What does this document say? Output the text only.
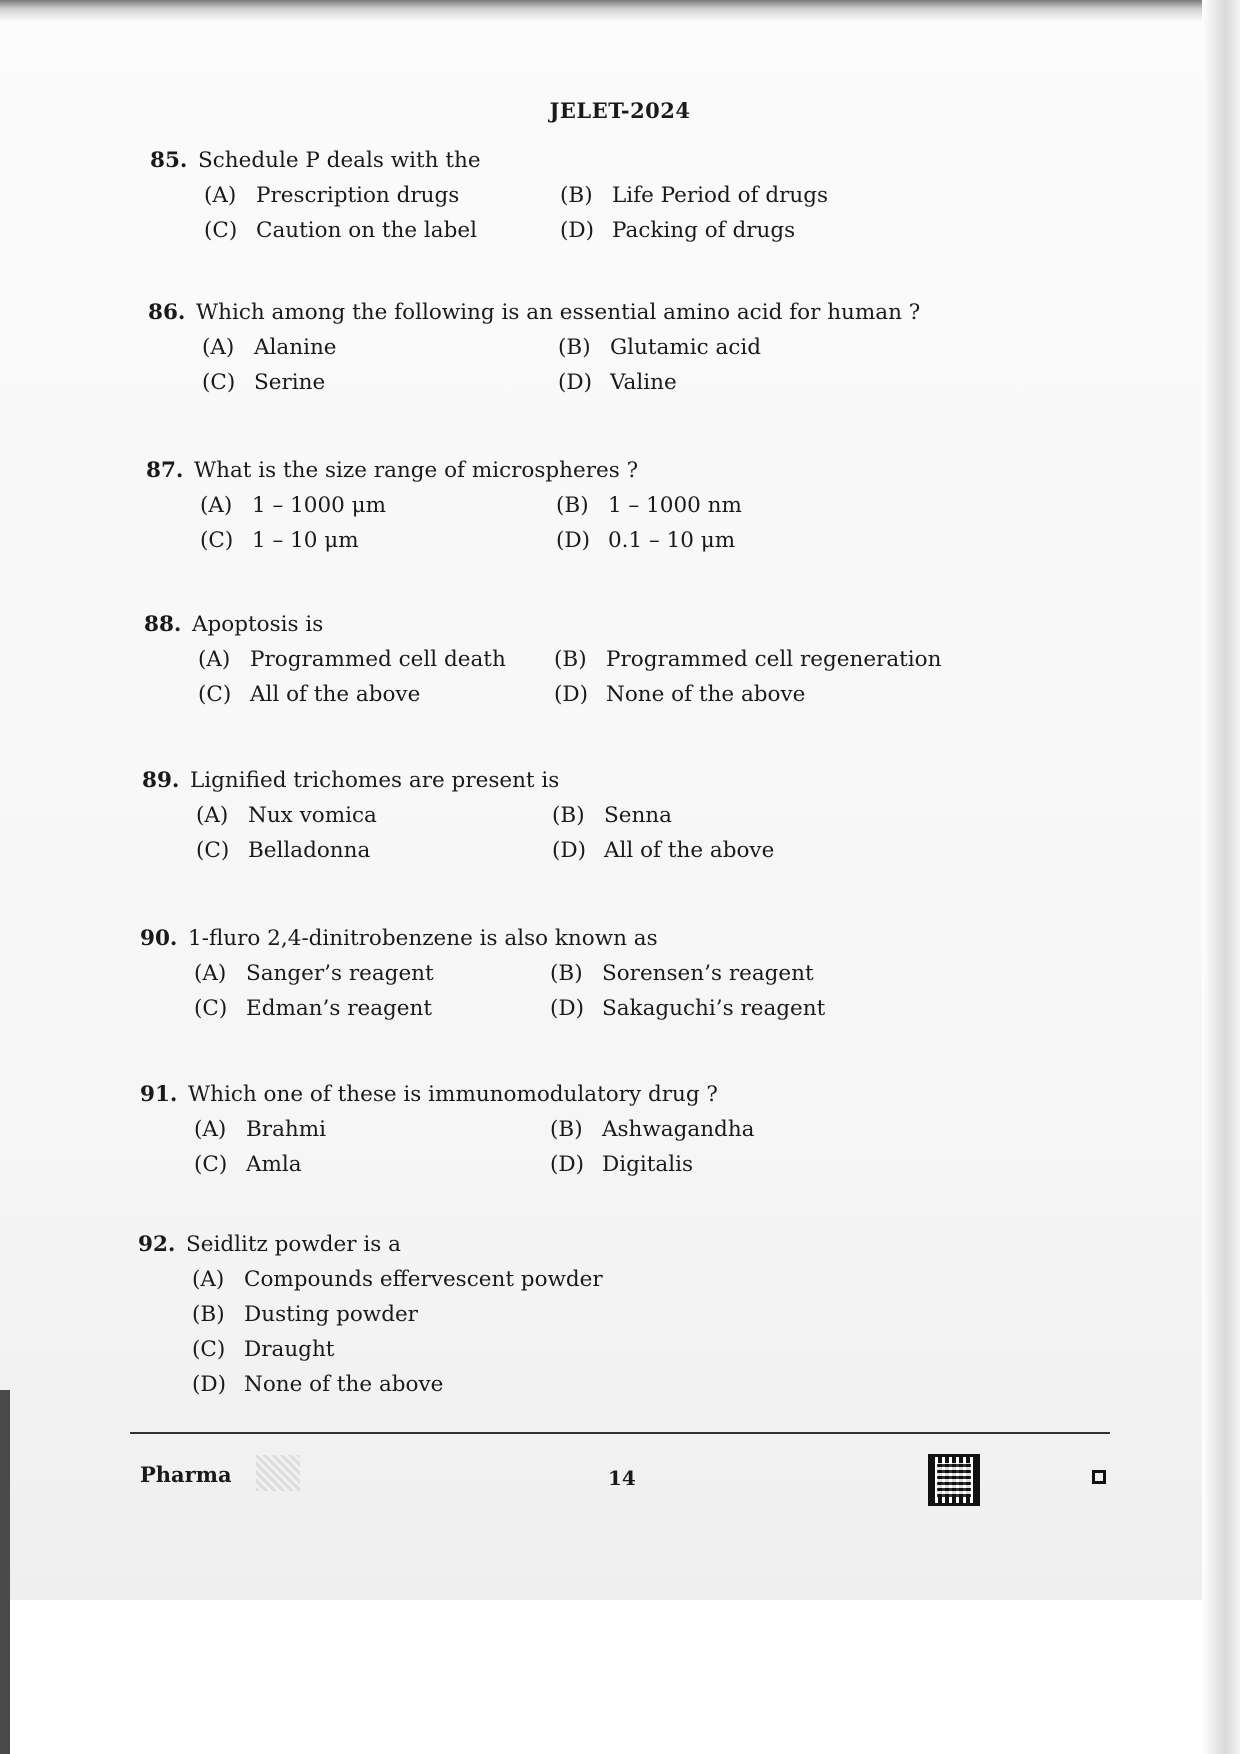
JELET-2024
85. Schedule P deals with the
(A) Prescription drugs	(B) Life Period of drugs
(C) Caution on the label	(D) Packing of drugs
86. Which among the following is an essential amino acid for human ?
(A) Alanine	(B) Glutamic acid
(C) Serine	(D) Valine
87. What is the size range of microspheres ?
(A) 1 – 1000 μm	(B) 1 – 1000 nm
(C) 1 – 10 μm	(D) 0.1 – 10 μm
88. Apoptosis is
(A) Programmed cell death (B) Programmed cell regeneration
(C) All of the above	(D) None of the above
89. Lignified trichomes are present is
(A) Nux vomica	(B) Senna
(C) Belladonna	(D) All of the above
90. 1-fluro 2,4-dinitrobenzene is also known as
(A) Sanger’s reagent	(B) Sorensen’s reagent
(C) Edman’s reagent	(D) Sakaguchi’s reagent
91. Which one of these is immunomodulatory drug ?
(A) Brahmi	(B) Ashwagandha
(C) Amla	(D) Digitalis
92. Seidlitz powder is a
(A) Compounds effervescent powder
(B) Dusting powder
(C) Draught
(D) None of the above
Pharma	14
